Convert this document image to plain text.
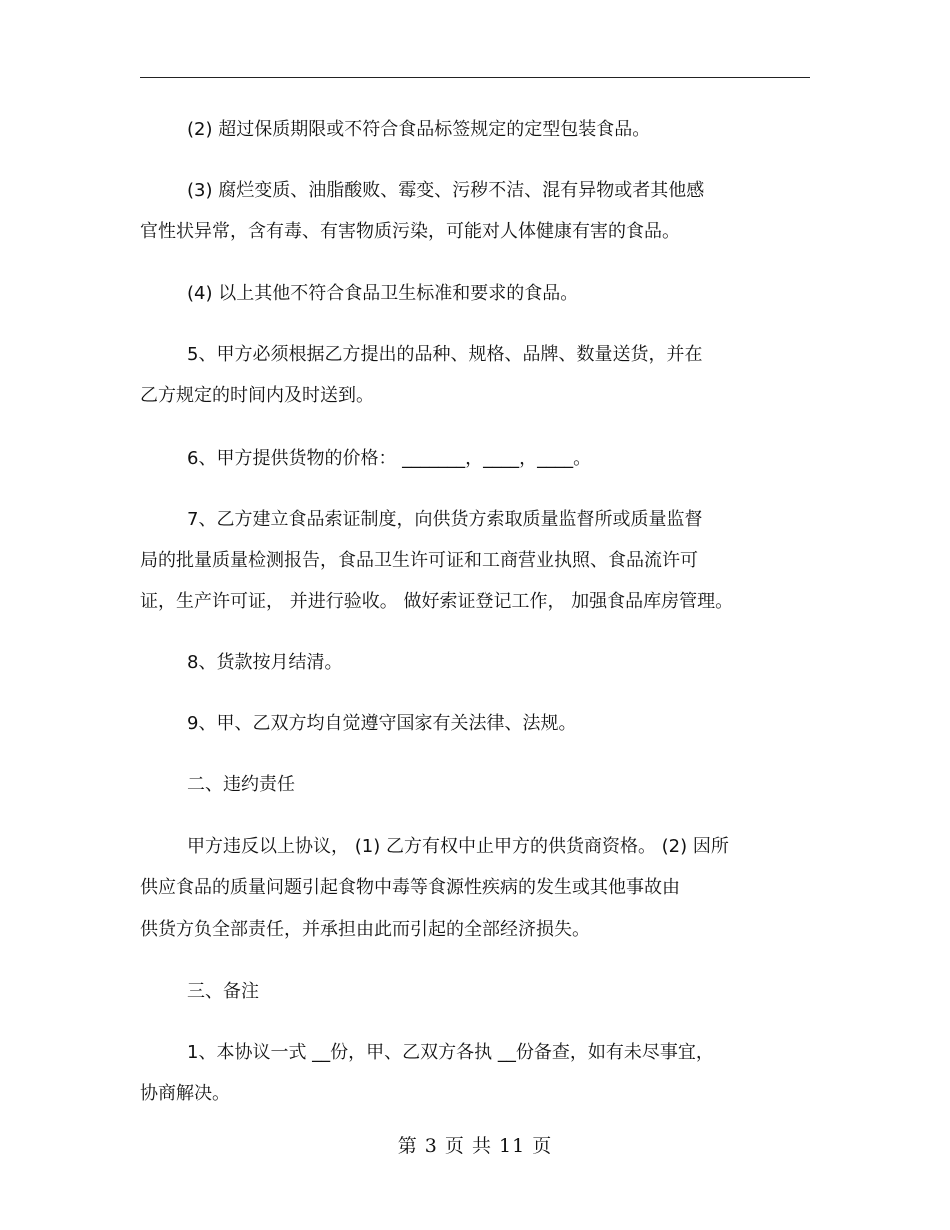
(2) 超过保质期限或不符合食品标签规定的定型包装食品。
(3) 腐烂变质、油脂酸败、霉变、污秽不洁、混有异物或者其他感
官性状异常，含有毒、有害物质污染，可能对人体健康有害的食品。
(4) 以上其他不符合食品卫生标准和要求的食品。
5、甲方必须根据乙方提出的品种、规格、品牌、数量送货，并在
乙方规定的时间内及时送到。
6、甲方提供货物的价格： _______，____，____。
7、乙方建立食品索证制度，向供货方索取质量监督所或质量监督
局的批量质量检测报告，食品卫生许可证和工商营业执照、食品流许可
证，生产许可证， 并进行验收。 做好索证登记工作， 加强食品库房管理。
8、货款按月结清。
9、甲、乙双方均自觉遵守国家有关法律、法规。
二、违约责任
甲方违反以上协议， (1) 乙方有权中止甲方的供货商资格。 (2) 因所
供应食品的质量问题引起食物中毒等食源性疾病的发生或其他事故由
供货方负全部责任，并承担由此而引起的全部经济损失。
三、备注
1、本协议一式 __份，甲、乙双方各执 __份备查，如有未尽事宜，
协商解决。
第 3 页 共 11 页
